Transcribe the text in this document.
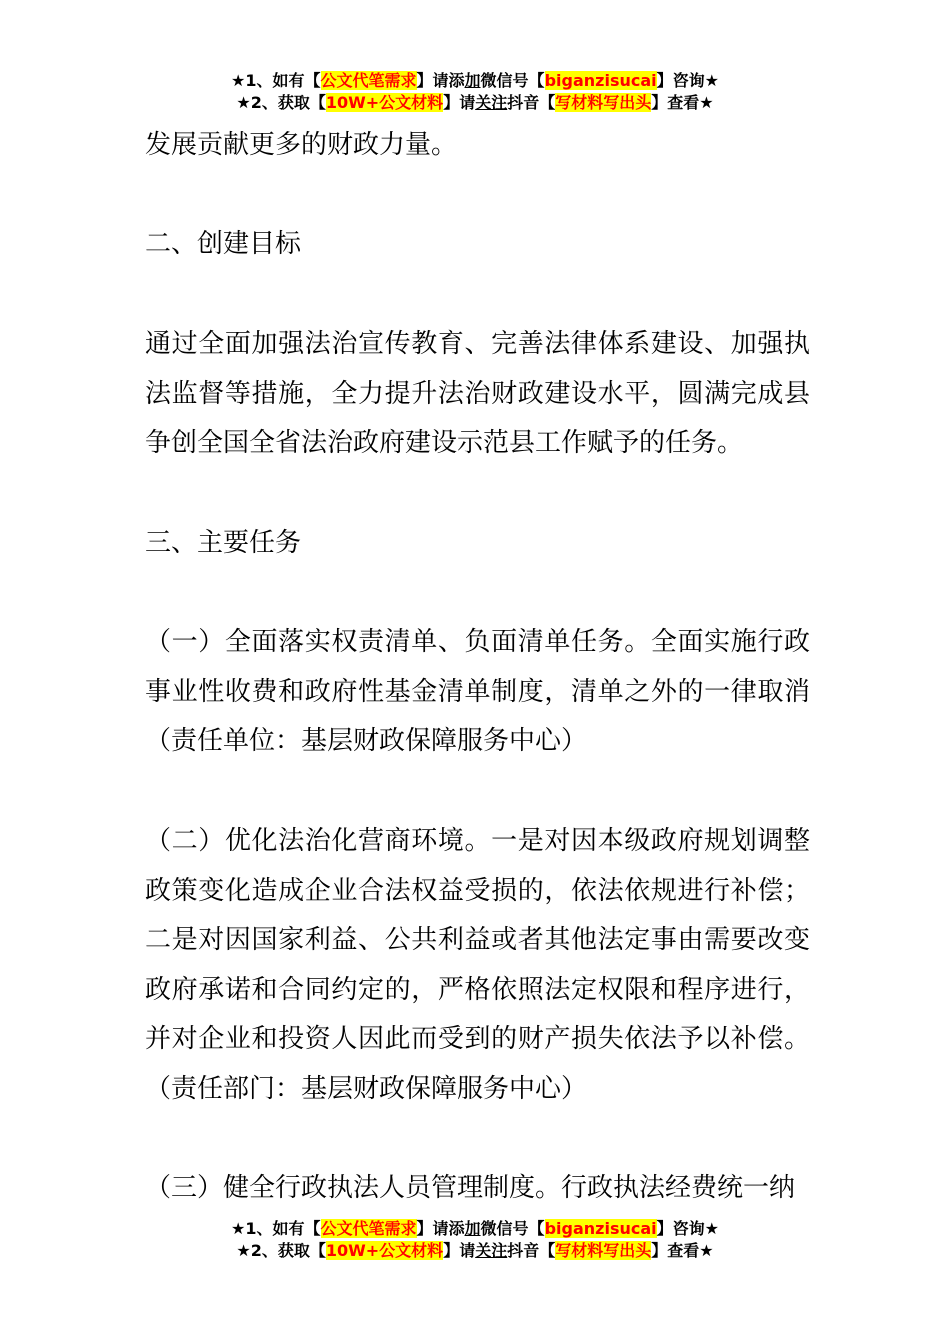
★1、如有【公文代笔需求】请添加微信号【biganzisucai】咨询★
★2、获取【10W+公文材料】请关注抖音【写材料写出头】查看★

发展贡献更多的财政力量。

二、创建目标

通过全面加强法治宣传教育、完善法律体系建设、加强执法监督等措施，全力提升法治财政建设水平，圆满完成县争创全国全省法治政府建设示范县工作赋予的任务。

三、主要任务

（一）全面落实权责清单、负面清单任务。全面实施行政事业性收费和政府性基金清单制度，清单之外的一律取消（责任单位：基层财政保障服务中心）

（二）优化法治化营商环境。一是对因本级政府规划调整政策变化造成企业合法权益受损的，依法依规进行补偿；二是对因国家利益、公共利益或者其他法定事由需要改变政府承诺和合同约定的，严格依照法定权限和程序进行，并对企业和投资人因此而受到的财产损失依法予以补偿。（责任部门：基层财政保障服务中心）

（三）健全行政执法人员管理制度。行政执法经费统一纳

★1、如有【公文代笔需求】请添加微信号【biganzisucai】咨询★
★2、获取【10W+公文材料】请关注抖音【写材料写出头】查看★
